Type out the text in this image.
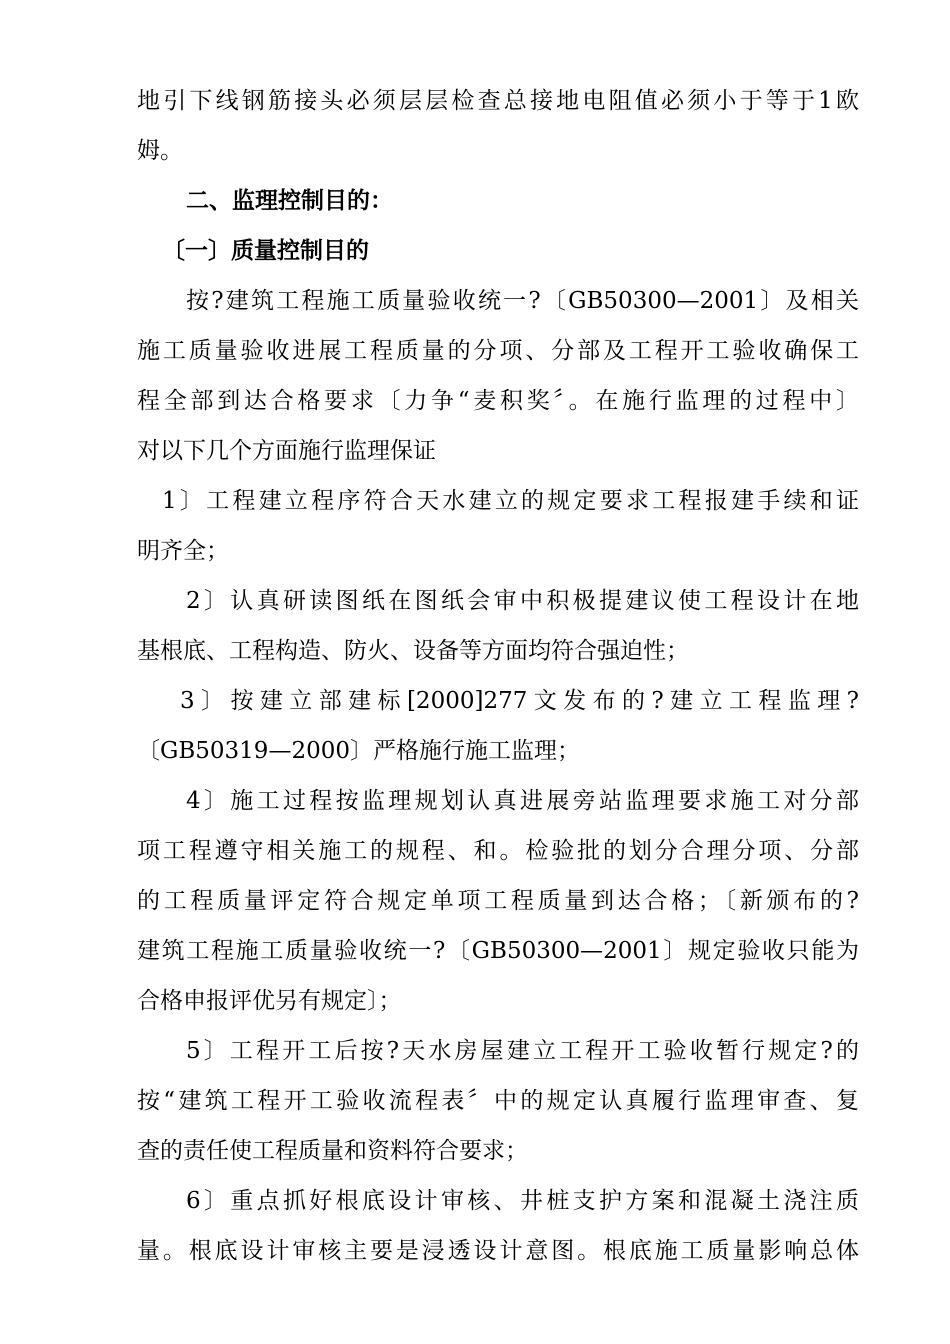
地引下线钢筋接头必须层层检查总接地电阻值必须小于等于1欧
姆。
二、监理控制目的：
〔一〕质量控制目的
按?建筑工程施工质量验收统一?〔GB50300—2001〕及相关
施工质量验收进展工程质量的分项、分部及工程开工验收确保工
程全部到达合格要求〔力争“麦积奖〞。在施行监理的过程中〕
对以下几个方面施行监理保证
1〕工程建立程序符合天水建立的规定要求工程报建手续和证
明齐全；
2〕认真研读图纸在图纸会审中积极提建议使工程设计在地
基根底、工程构造、防火、设备等方面均符合强迫性；
3〕按建立部建标[2000]277文发布的?建立工程监理?
〔GB50319—2000〕严格施行施工监理；
4〕施工过程按监理规划认真进展旁站监理要求施工对分部
项工程遵守相关施工的规程、和。检验批的划分合理分项、分部
的工程质量评定符合规定单项工程质量到达合格；〔新颁布的?
建筑工程施工质量验收统一?〔GB50300—2001〕规定验收只能为
合格申报评优另有规定〕；
5〕工程开工后按?天水房屋建立工程开工验收暂行规定?的
按“建筑工程开工验收流程表〞中的规定认真履行监理审查、复
查的责任使工程质量和资料符合要求；
6〕重点抓好根底设计审核、井桩支护方案和混凝土浇注质
量。根底设计审核主要是浸透设计意图。根底施工质量影响总体
